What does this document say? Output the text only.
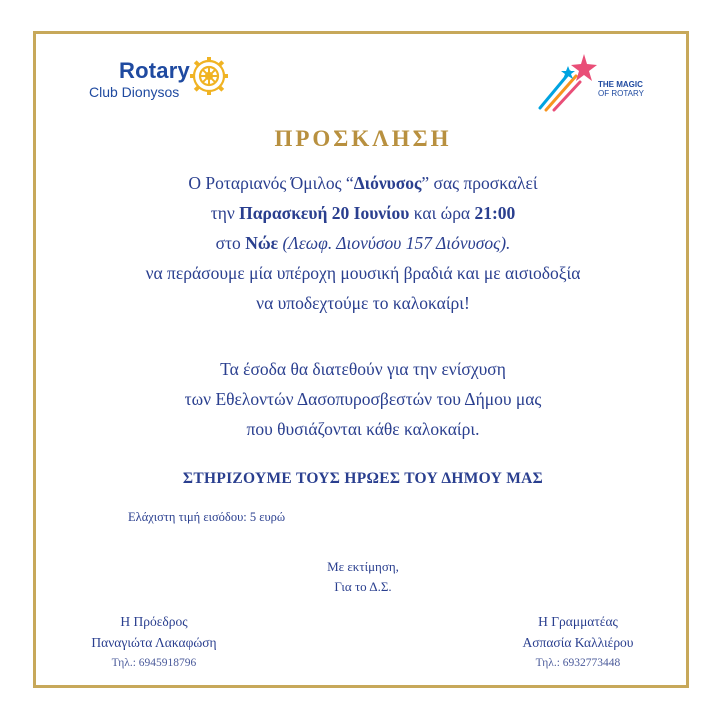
Rotary
Club Dionysos	THE MAGIC
OF ROTARY
ΠΡΟΣΚΛΗΣΗ
Ο Ροταριανός Όμιλος “Διόνυσος” σας προσκαλεί
την Παρασκευή 20 Ιουνίου και ώρα 21:00
στο Νώε (Λεωφ. Διονύσου 157 Διόνυσος).
να περάσουμε μία υπέροχη μουσική βραδιά και με αισιοδοξία
να υποδεχτούμε το καλοκαίρι!
Τα έσοδα θα διατεθούν για την ενίσχυση
των Εθελοντών Δασοπυροσβεστών του Δήμου μας
που θυσιάζονται κάθε καλοκαίρι.
ΣΤΗΡΙΖΟΥΜΕ ΤΟΥΣ ΗΡΩΕΣ ΤΟΥ ΔΗΜΟΥ ΜΑΣ
Ελάχιστη τιμή εισόδου: 5 ευρώ
Με εκτίμηση,
Για το Δ.Σ.
Η Πρόεδρος
Παναγιώτα Λακαφώση
Τηλ.: 6945918796
Η Γραμματέας
Ασπασία Καλλιέρου
Τηλ.: 6932773448
